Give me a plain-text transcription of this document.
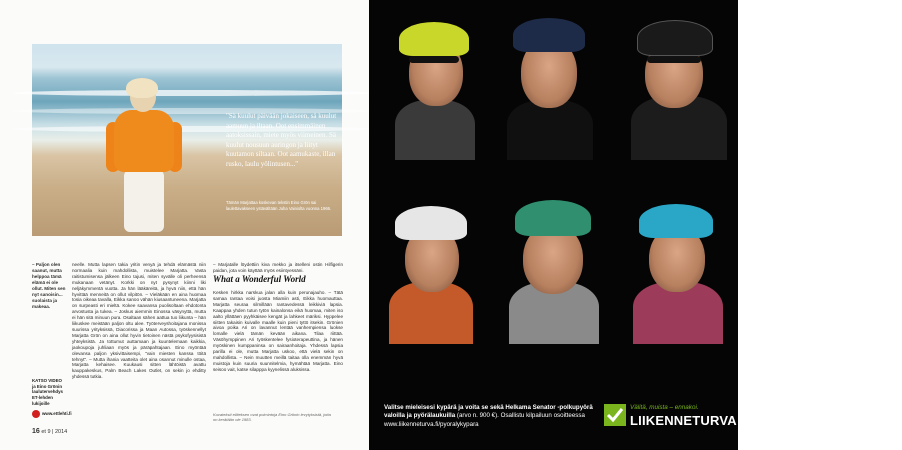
"Sä kuulut päivään jokaiseen, sä kuulut aamuun ja iltaan. Oot ensimmäinen aatoksissain, miete myös viimeinen. Sä kuulut nousuun auringon ja liityt kuutamon siltaan. Oot aamukaste, illan rusko, laulu yölintusen..."
Tämän Marjattaa koskevan tekstin Eino Grön sai laulettavakseen ystävältään Juha Vainiolta vuonna 1966.
– Paljon olen saanut, mutta helppoa tämä elämä ei ole ollut. Miten sen nyt sanoisin... suolaista ja makeaa.
KATSO VIDEO ja Eino Grönin laulutervehdys ET-lehden lukijoille
www.ettlehti.fi
neelle. Mutta lapsen takia yritin venyä ja tehdä elämästä niin normaalia kuin mahdollista, muistelee Marjatta. Vasta raitistumisensa jälkeen Eino tajusi, miten syvälle oli perheensä mukanaan vetänyt. Korkki on nyt pysynyt kiinni liki neljäkymmentä vuotta. Ja hän lääkäreitä, ja hyvä niin, että hän hyvittää menneitä on ollut vilpitön. – Vieläkään en aina huomaa tosia oikeaa tavalla, Eikka sanoo vähän kiusaantuneena. Marjatta on surpeasti eri mieltä. Kokee saavansa puolisoltaan ehdotonta arvostusta ja tukea. – Joskus aiemmin Einossa väsynyttä, mutta ei hän sitä minuun pura. Osaltaan sähen aattua tuo liikunta – hän liikuskee meistään paljon oltu alee. Työterveyshoitajana monissa suurissa yrityksissä, Diacorissa ja Maan Autossa, työskennellyt Marjatta Grön on aina ollut hyvin tietoinen nästä psykofyysisistä yhteyksistä. Ja tottumut auttamaan ja kuuntelemaan kaikkia, jaokoupoja juhliaan myös ja päräpahtajaan. Eino myöntää olevansa paljon yksivittaisempi, "vain miesten kanssa töitä tehnyt". – Mutta ihania vaatteita olet aina osannut minulle ostaa, Marjatta kehaisee. Kuukausi sitten lähtöistä avattu kauppakeskus, Palm Beach Lakes Outlet, on sekin jo ehditty yhdessä tutkia.
– Marjatalle löydettiin kiva mekko ja itselleni ostin Hilfigerin paidan, jota voin käyttää myös esiintyessäni.
What a Wonderful World
Kesken hirkka narskua jalan alla kuin perunajauho. – Tätä samaa rantaa voisi juosta Miamiin asti, Eikka huomauttaa. Marjatta seuraa silmillään rantavedessä leikkiviä lapsia. Kaappaa yhden tutun tytön kainalonsa eikä huomaa, miten iso aalto yllättäen pyyhkäisee kengät ja lahkeet märiksi. Hyppelee siitten takaisin kuivalle maalle kuin pieni tyttö itsekin. Grönien aivoa poika Ari on lavannut lentää vanhempiensa luokse lomalle vielä tämän kevään aikana. Tilaa riittää. Väsöhymppinen Ari työskentelee fysioterapeuttina, ja hänen myöskinen kumppaninsa on sairaanhoitaja. Yhdessä lapsia parilla ei ole, mutta Marjatta uskoo, että vielä sekin on mahdollista. – Nein muutten meillä taitaa olla enemmän hyvä muistoja kuin suuria suunnitelmia, hymähtää Marjatta. Eino seisoo vait, katse silapppa kyynelissä aluksissa.
Kuvateksti eiliteksen ovat poimintoja Eino Grönin levytyksistä, jotta on kerätään ole 1983.
16 et 9 | 2014
Oman pään mukaan.
Valitse mieleisesi kypärä ja voita se sekä Helkama Senator -polkupyörä valoilla ja pyörälaukuilla (arvo n. 900 €). Osallistu kilpailuun osoitteessa www.liikenneturva.fi/pyoralykypara
Välitä, muista – ennakoi.
LIIKENNETURVA
